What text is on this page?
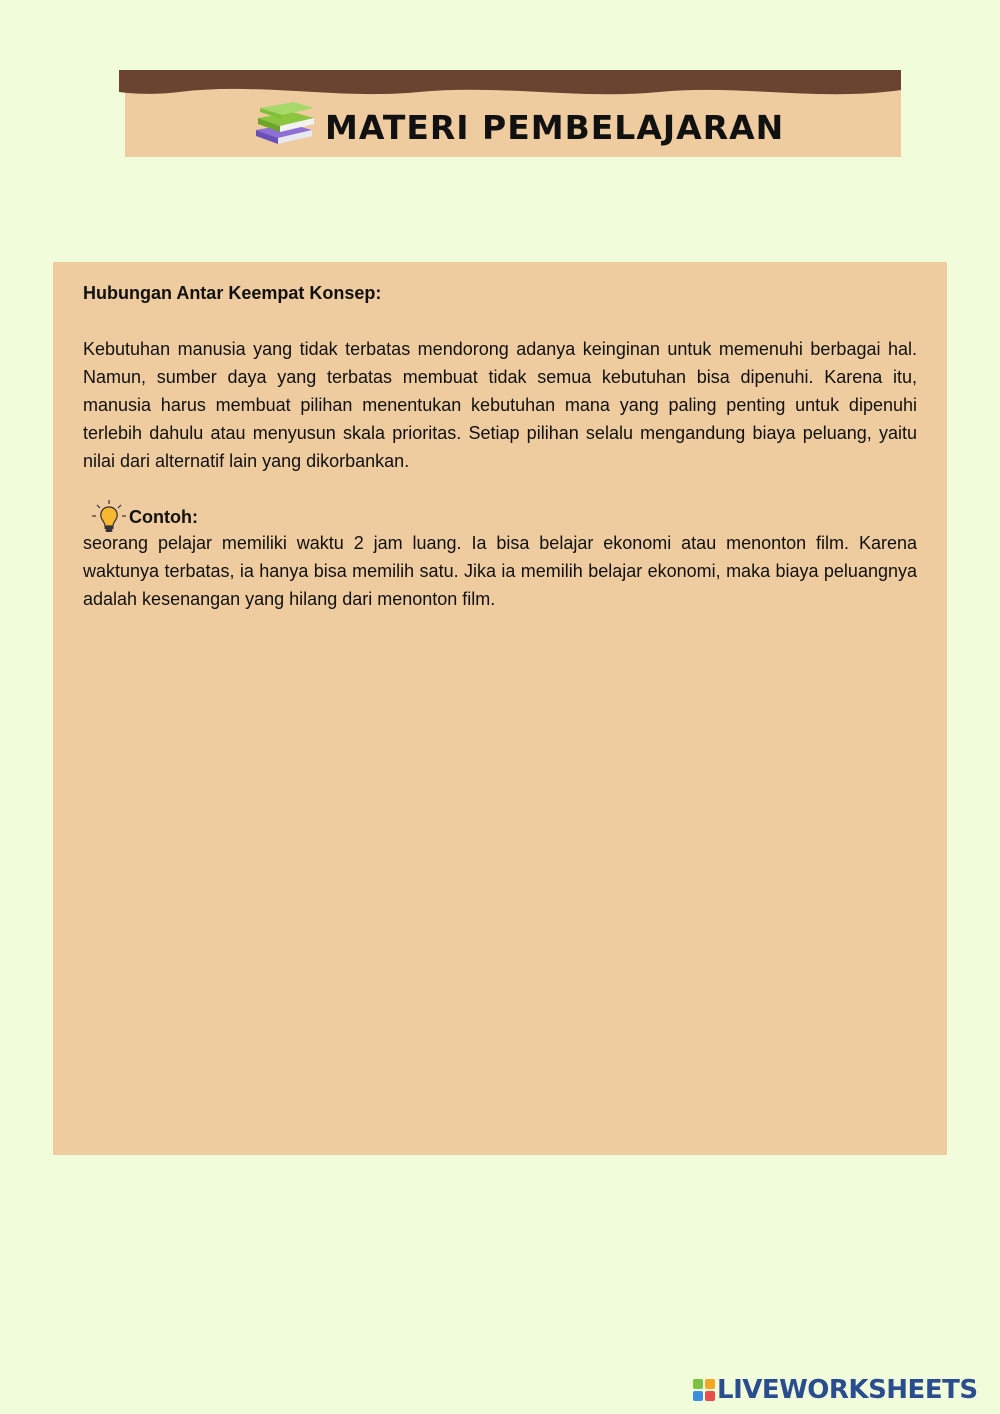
MATERI PEMBELAJARAN
Hubungan Antar Keempat Konsep:

Kebutuhan manusia yang tidak terbatas mendorong adanya keinginan untuk memenuhi berbagai hal. Namun, sumber daya yang terbatas membuat tidak semua kebutuhan bisa dipenuhi. Karena itu, manusia harus membuat pilihan menentukan kebutuhan mana yang paling penting untuk dipenuhi terlebih dahulu atau menyusun skala prioritas. Setiap pilihan selalu mengandung biaya peluang, yaitu nilai dari alternatif lain yang dikorbankan.

Contoh:

seorang pelajar memiliki waktu 2 jam luang. Ia bisa belajar ekonomi atau menonton film. Karena waktunya terbatas, ia hanya bisa memilih satu. Jika ia memilih belajar ekonomi, maka biaya peluangnya adalah kesenangan yang hilang dari menonton film.

LIVEWORKSHEETS
